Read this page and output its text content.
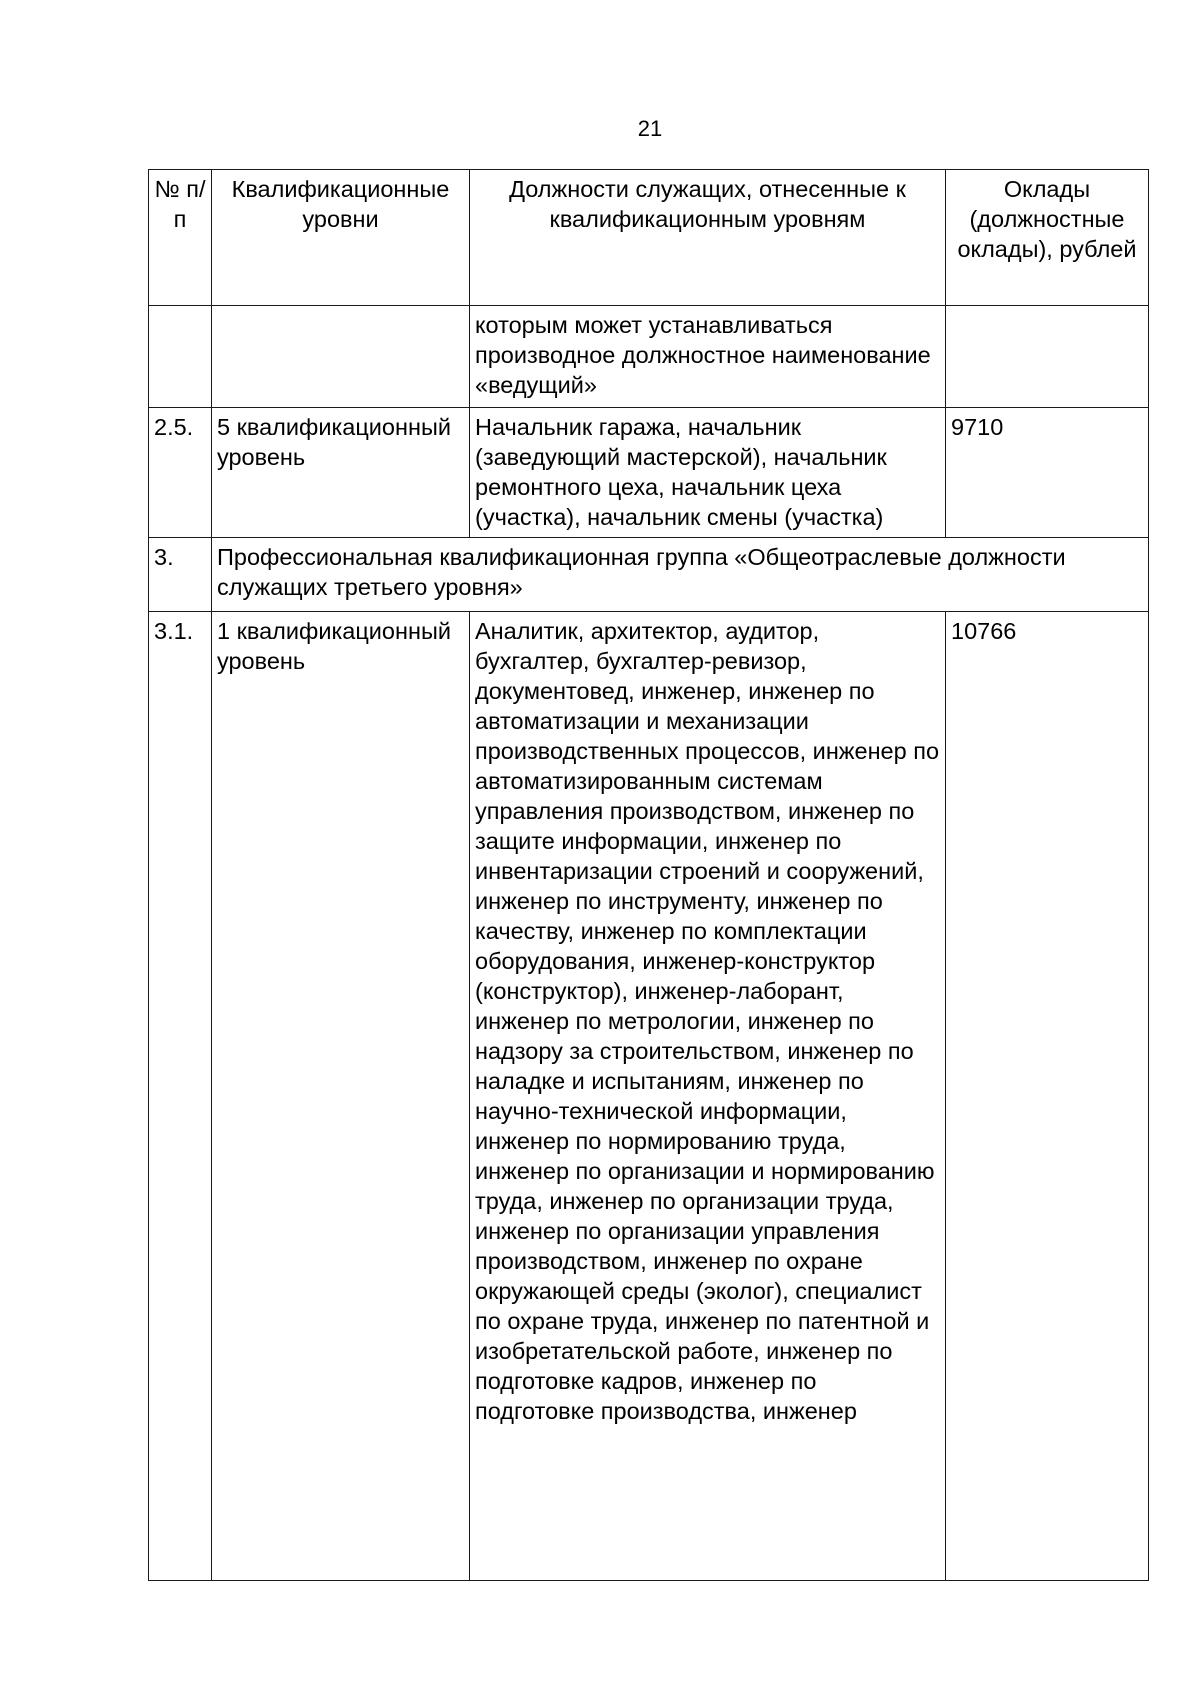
21
№ п/п	Квалификационные уровни	Должности служащих, отнесенные к квалификационным уровням	Оклады (должностные оклады), рублей
		которым может устанавливаться производное должностное наименование «ведущий»	
2.5.	5 квалификационный уровень	Начальник гаража, начальник (заведующий мастерской), начальник ремонтного цеха, начальник цеха (участка), начальник смены (участка)	9710
3.	Профессиональная квалификационная группа «Общеотраслевые должности служащих третьего уровня»		
3.1.	1 квалификационный уровень	Аналитик, архитектор, аудитор, бухгалтер, бухгалтер-ревизор, документовед, инженер, инженер по автоматизации и механизации производственных процессов, инженер по автоматизированным системам управления производством, инженер по защите информации, инженер по инвентаризации строений и сооружений, инженер по инструменту, инженер по качеству, инженер по комплектации оборудования, инженер-конструктор (конструктор), инженер-лаборант, инженер по метрологии, инженер по надзору за строительством, инженер по наладке и испытаниям, инженер по научно-технической информации, инженер по нормированию труда, инженер по организации и нормированию труда, инженер по организации труда, инженер по организации управления производством, инженер по охране окружающей среды (эколог), специалист по охране труда, инженер по патентной и изобретательской работе, инженер по подготовке кадров, инженер по подготовке производства, инженер	10766
